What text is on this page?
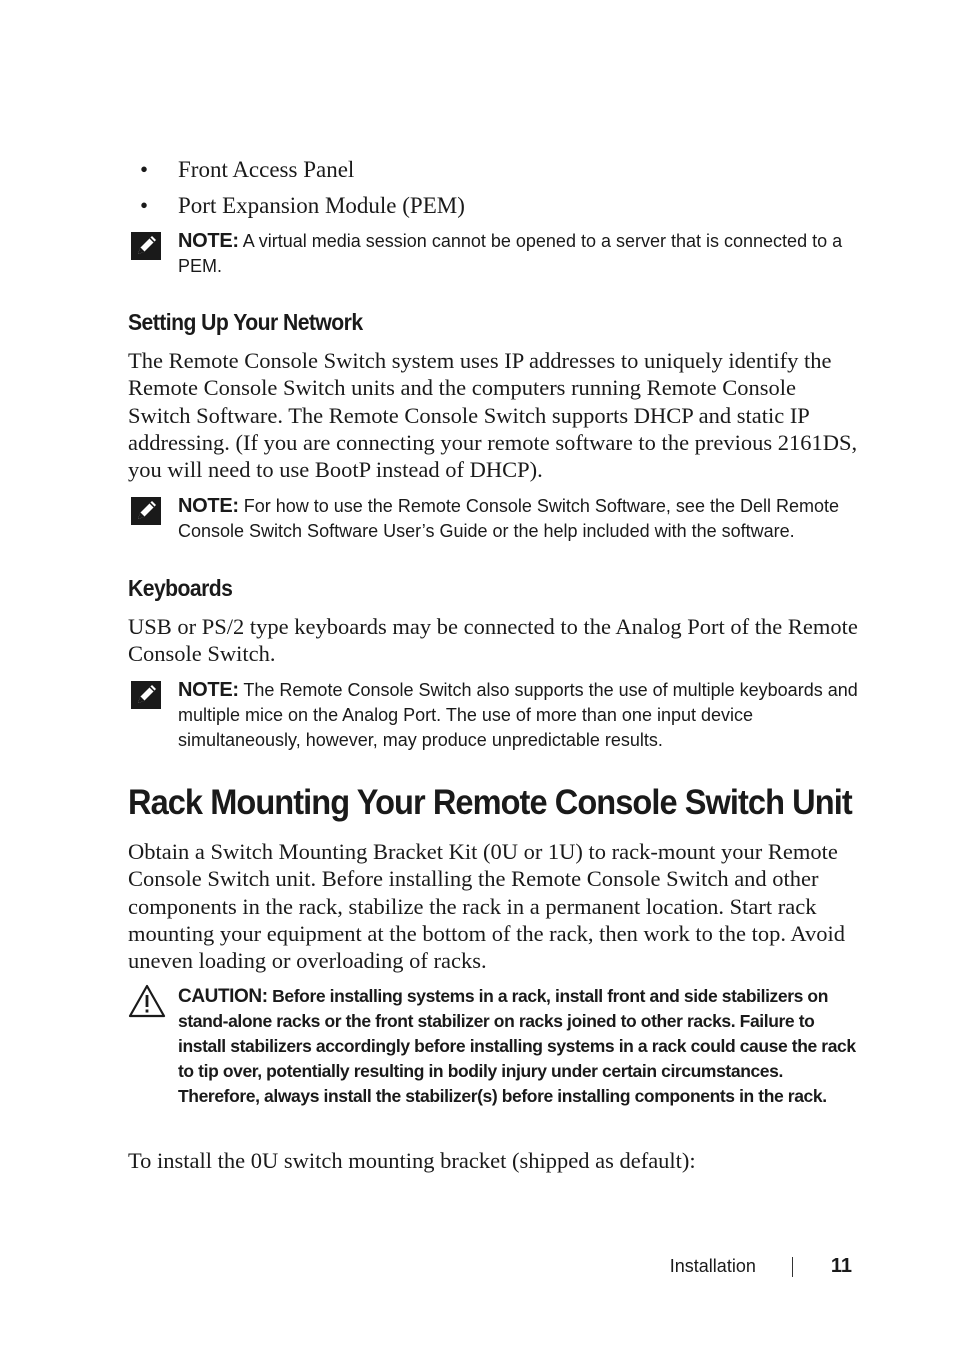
• Front Access Panel
• Port Expansion Module (PEM)
NOTE: A virtual media session cannot be opened to a server that is connected to a PEM.
Setting Up Your Network

The Remote Console Switch system uses IP addresses to uniquely identify the Remote Console Switch units and the computers running Remote Console Switch Software. The Remote Console Switch supports DHCP and static IP addressing. (If you are connecting your remote software to the previous 2161DS, you will need to use BootP instead of DHCP).

NOTE: For how to use the Remote Console Switch Software, see the Dell Remote Console Switch Software User’s Guide or the help included with the software.
Keyboards

USB or PS/2 type keyboards may be connected to the Analog Port of the Remote Console Switch.

NOTE: The Remote Console Switch also supports the use of multiple keyboards and multiple mice on the Analog Port. The use of more than one input device simultaneously, however, may produce unpredictable results.
Rack Mounting Your Remote Console Switch Unit

Obtain a Switch Mounting Bracket Kit (0U or 1U) to rack-mount your Remote Console Switch unit. Before installing the Remote Console Switch and other components in the rack, stabilize the rack in a permanent location. Start rack mounting your equipment at the bottom of the rack, then work to the top. Avoid uneven loading or overloading of racks.

CAUTION: Before installing systems in a rack, install front and side stabilizers on stand-alone racks or the front stabilizer on racks joined to other racks. Failure to install stabilizers accordingly before installing systems in a rack could cause the rack to tip over, potentially resulting in bodily injury under certain circumstances. Therefore, always install the stabilizer(s) before installing components in the rack.

To install the 0U switch mounting bracket (shipped as default):

Installation	11
